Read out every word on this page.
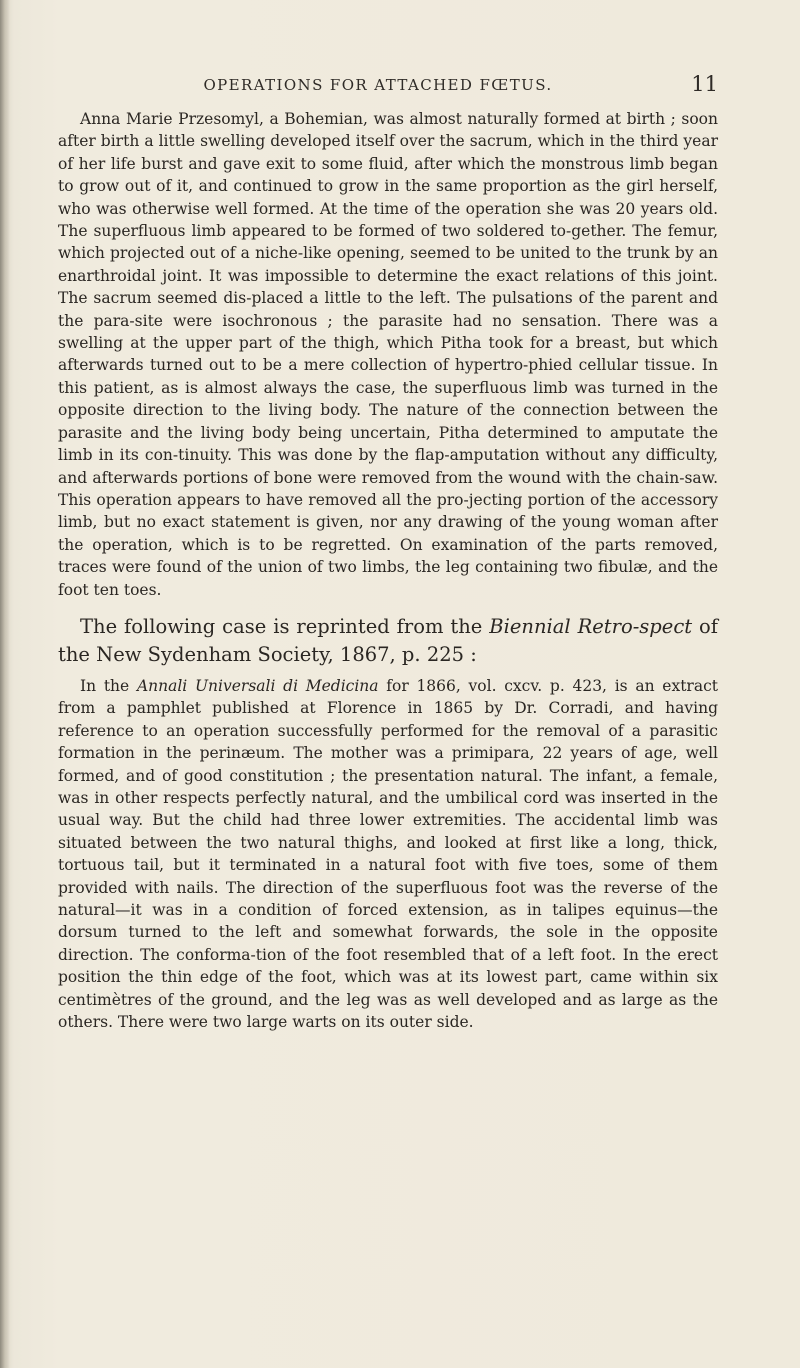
OPERATIONS FOR ATTACHED FŒTUS.	11

Anna Marie Przesomyl, a Bohemian, was almost naturally formed at birth ; soon after birth a little swelling developed itself over the sacrum, which in the third year of her life burst and gave exit to some fluid, after which the monstrous limb began to grow out of it, and continued to grow in the same proportion as the girl herself, who was otherwise well formed. At the time of the operation she was 20 years old. The superfluous limb appeared to be formed of two soldered to-gether. The femur, which projected out of a niche-like opening, seemed to be united to the trunk by an enarthroidal joint. It was impossible to determine the exact relations of this joint. The sacrum seemed dis-placed a little to the left. The pulsations of the parent and the para-site were isochronous ; the parasite had no sensation. There was a swelling at the upper part of the thigh, which Pitha took for a breast, but which afterwards turned out to be a mere collection of hypertro-phied cellular tissue. In this patient, as is almost always the case, the superfluous limb was turned in the opposite direction to the living body. The nature of the connection between the parasite and the living body being uncertain, Pitha determined to amputate the limb in its con-tinuity. This was done by the flap-amputation without any difficulty, and afterwards portions of bone were removed from the wound with the chain-saw. This operation appears to have removed all the pro-jecting portion of the accessory limb, but no exact statement is given, nor any drawing of the young woman after the operation, which is to be regretted. On examination of the parts removed, traces were found of the union of two limbs, the leg containing two fibulæ, and the foot ten toes.

The following case is reprinted from the Biennial Retro-spect of the New Sydenham Society, 1867, p. 225 :

In the Annali Universali di Medicina for 1866, vol. cxcv. p. 423, is an extract from a pamphlet published at Florence in 1865 by Dr. Corradi, and having reference to an operation successfully performed for the removal of a parasitic formation in the perinæum. The mother was a primipara, 22 years of age, well formed, and of good constitution ; the presentation natural. The infant, a female, was in other respects perfectly natural, and the umbilical cord was inserted in the usual way. But the child had three lower extremities. The accidental limb was situated between the two natural thighs, and looked at first like a long, thick, tortuous tail, but it terminated in a natural foot with five toes, some of them provided with nails. The direction of the superfluous foot was the reverse of the natural—it was in a condition of forced extension, as in talipes equinus—the dorsum turned to the left and somewhat forwards, the sole in the opposite direction. The conforma-tion of the foot resembled that of a left foot. In the erect position the thin edge of the foot, which was at its lowest part, came within six centimètres of the ground, and the leg was as well developed and as large as the others. There were two large warts on its outer side.
